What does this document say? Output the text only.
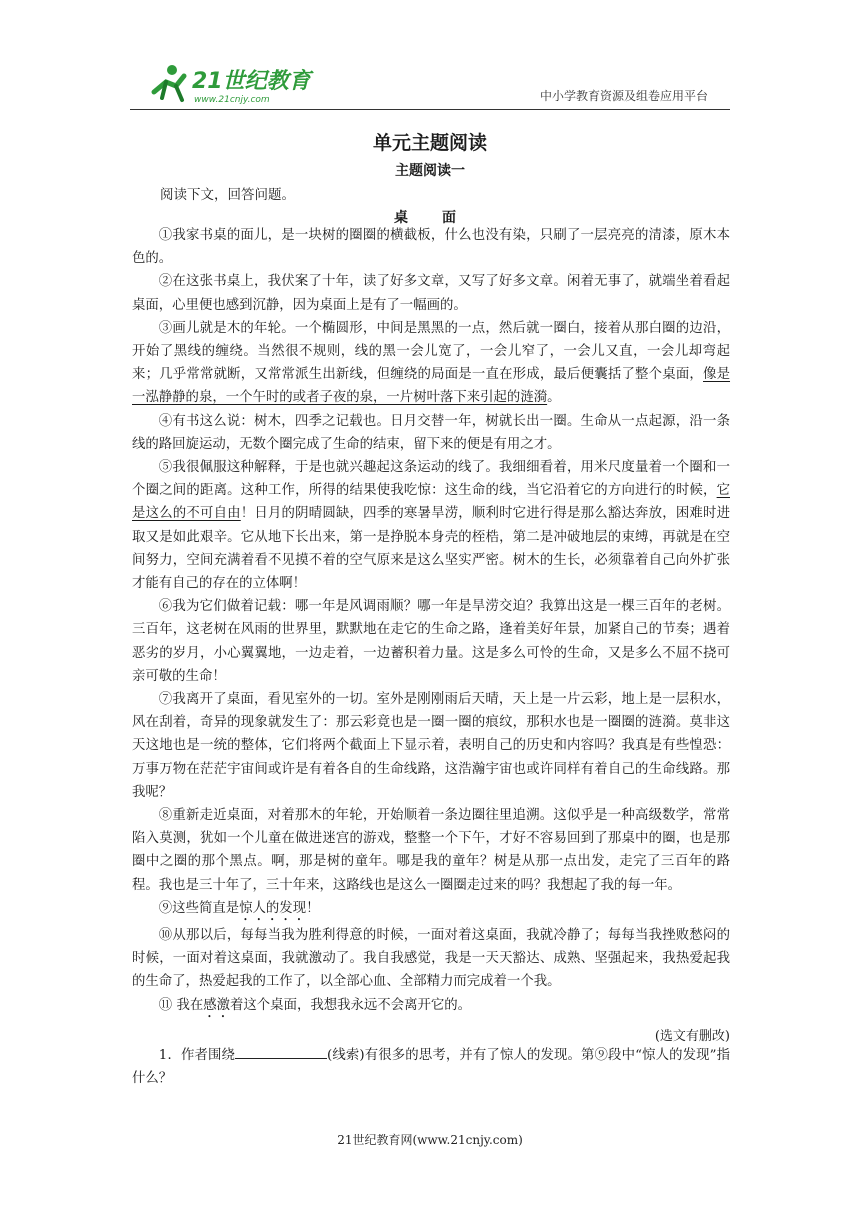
21世纪教育
www.21cnjy.com	中小学教育资源及组卷应用平台
单元主题阅读
主题阅读一
阅读下文，回答问题。
桌　面

①我家书桌的面儿，是一块树的圈圈的横截板，什么也没有染，只刷了一层亮亮的清漆，原木本色的。

②在这张书桌上，我伏案了十年，读了好多文章，又写了好多文章。闲着无事了，就端坐着看起桌面，心里便也感到沉静，因为桌面上是有了一幅画的。

③画儿就是木的年轮。一个椭圆形，中间是黑黑的一点，然后就一圈白，接着从那白圈的边沿，开始了黑线的缠绕。当然很不规则，线的黑一会儿宽了，一会儿窄了，一会儿又直，一会儿却弯起来；几乎常常就断，又常常派生出新线，但缠绕的局面是一直在形成，最后便囊括了整个桌面，像是一泓静静的泉，一个午时的或者子夜的泉，一片树叶落下来引起的涟漪。

④有书这么说：树木，四季之记载也。日月交替一年，树就长出一圈。生命从一点起源，沿一条线的路回旋运动，无数个圈完成了生命的结束，留下来的便是有用之才。

⑤我很佩服这种解释，于是也就兴趣起这条运动的线了。我细细看着，用米尺度量着一个圈和一个圈之间的距离。这种工作，所得的结果使我吃惊：这生命的线，当它沿着它的方向进行的时候，它是这么的不可自由！日月的阴晴圆缺，四季的寒暑旱涝，顺利时它进行得是那么豁达奔放，困难时进取又是如此艰辛。它从地下长出来，第一是挣脱本身壳的桎梏，第二是冲破地层的束缚，再就是在空间努力，空间充满着看不见摸不着的空气原来是这么坚实严密。树木的生长，必须靠着自己向外扩张才能有自己的存在的立体啊！

⑥我为它们做着记载：哪一年是风调雨顺？哪一年是旱涝交迫？我算出这是一棵三百年的老树。三百年，这老树在风雨的世界里，默默地在走它的生命之路，逢着美好年景，加紧自己的节奏；遇着恶劣的岁月，小心翼翼地，一边走着，一边蓄积着力量。这是多么可怜的生命，又是多么不屈不挠可亲可敬的生命！

⑦我离开了桌面，看见室外的一切。室外是刚刚雨后天晴，天上是一片云彩，地上是一层积水，风在刮着，奇异的现象就发生了：那云彩竟也是一圈一圈的痕纹，那积水也是一圈圈的涟漪。莫非这天这地也是一统的整体，它们将两个截面上下显示着，表明自己的历史和内容吗？我真是有些惶恐：万事万物在茫茫宇宙间或许是有着各自的生命线路，这浩瀚宇宙也或许同样有着自己的生命线路。那我呢？

⑧重新走近桌面，对着那木的年轮，开始顺着一条边圈往里追溯。这似乎是一种高级数学，常常陷入莫测，犹如一个儿童在做进迷宫的游戏，整整一个下午，才好不容易回到了那桌中的圈，也是那圈中之圈的那个黑点。啊，那是树的童年。哪是我的童年？树是从那一点出发，走完了三百年的路程。我也是三十年了，三十年来，这路线也是这么一圈圈走过来的吗？我想起了我的每一年。

⑨这些简直是惊人的发现！

⑩从那以后，每每当我为胜利得意的时候，一面对着这桌面，我就冷静了；每每当我挫败愁闷的时候，一面对着这桌面，我就激动了。我自我感觉，我是一天天豁达、成熟、坚强起来，我热爱起我的生命了，热爱起我的工作了，以全部心血、全部精力而完成着一个我。

⑪ 我在感激着这个桌面，我想我永远不会离开它的。

(选文有删改)

1．作者围绕	(线索)有很多的思考，并有了惊人的发现。第⑨段中“惊人的发现”指什么？

21世纪教育网(www.21cnjy.com)
